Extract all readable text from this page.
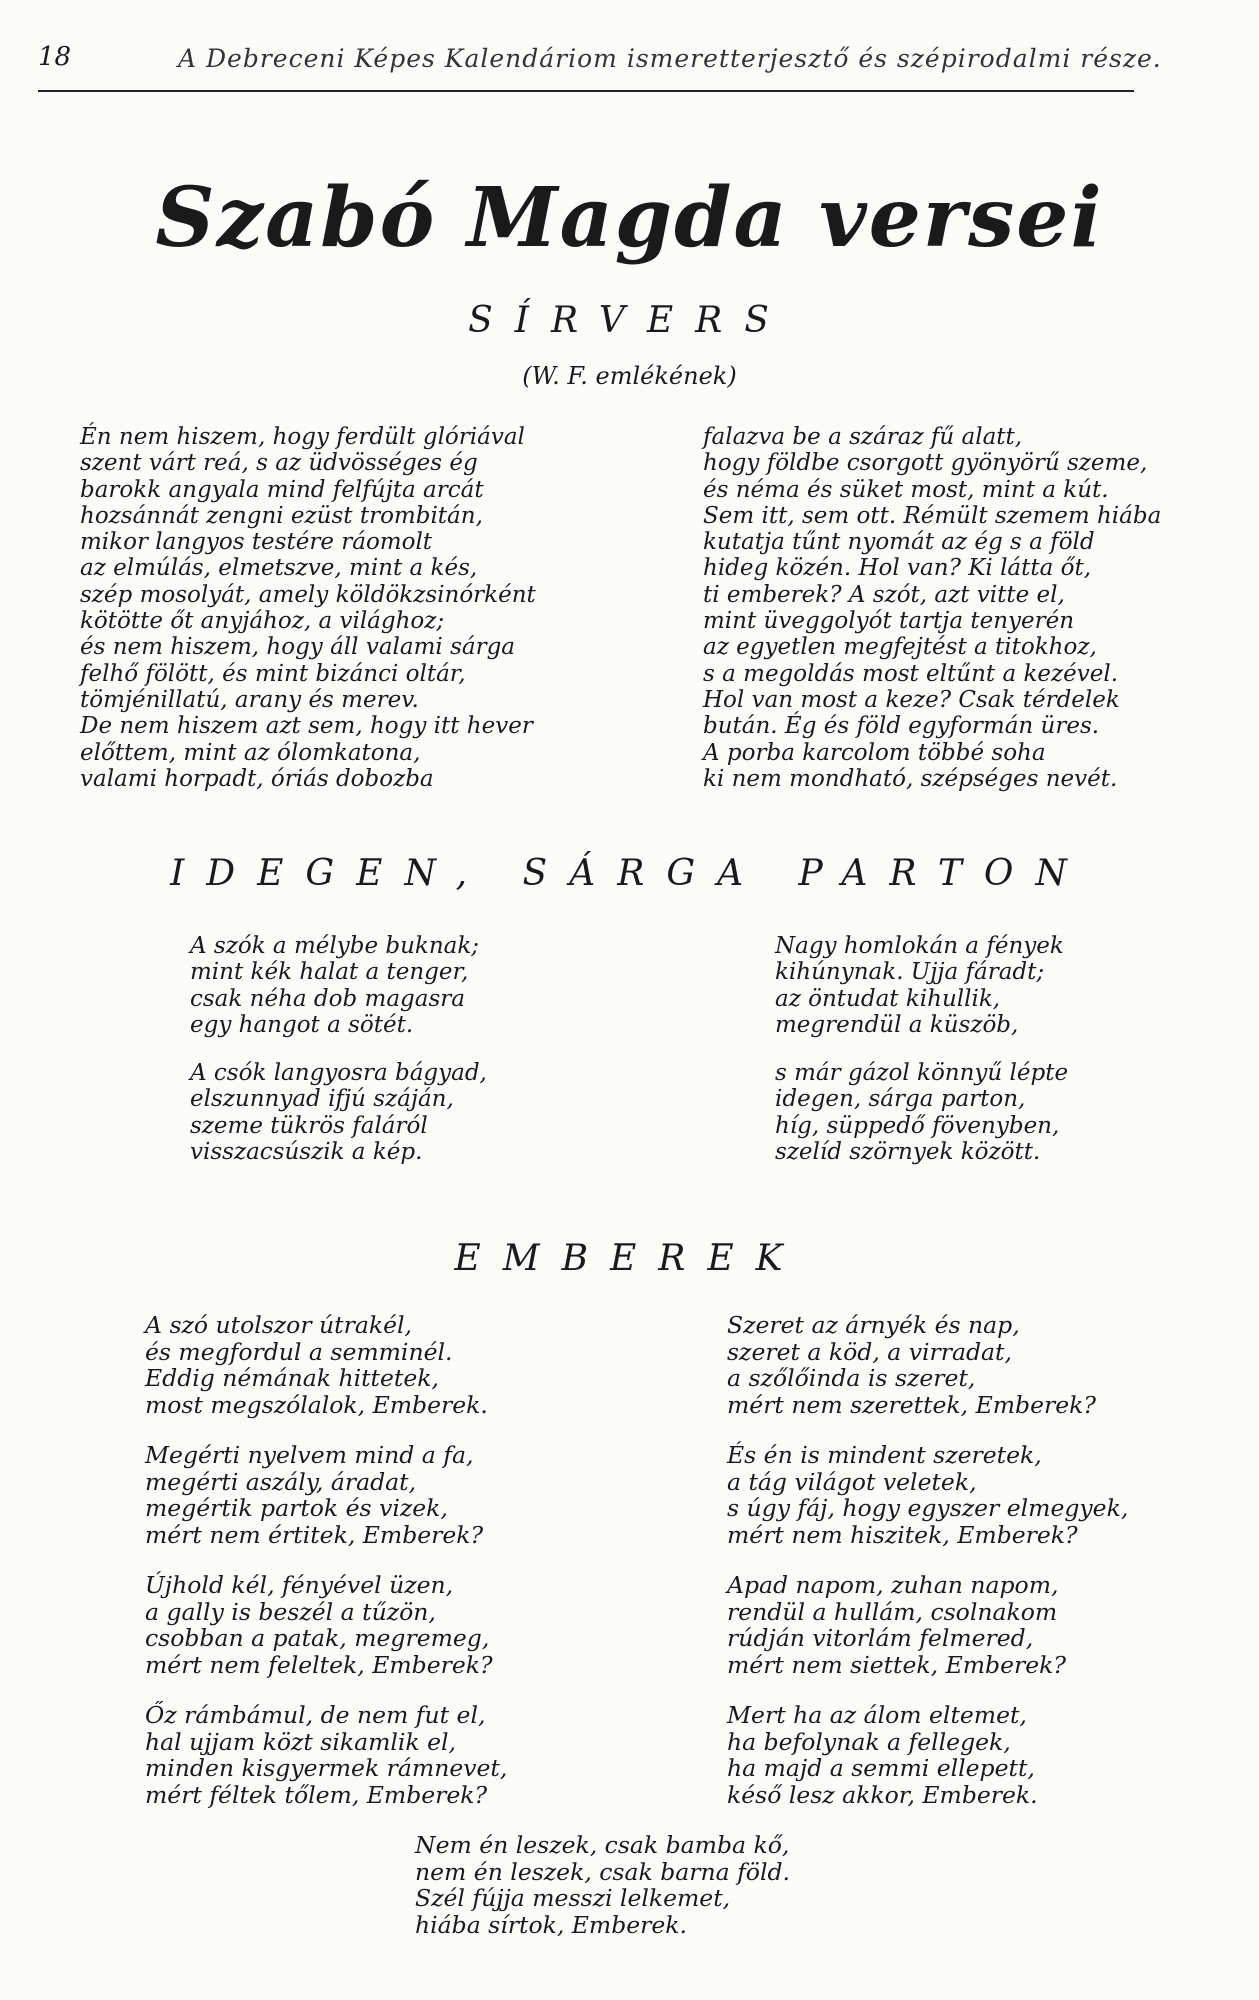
18	A Debreceni Képes Kalendáriom ismeretterjesztő és szépirodalmi része.
Szabó Magda versei
SÍRVERS
(W. F. emlékének)
Én nem hiszem, hogy ferdült glóriával
szent várt reá, s az üdvösséges ég
barokk angyala mind felfújta arcát
hozsánnát zengni ezüst trombitán,
mikor langyos testére ráomolt
az elmúlás, elmetszve, mint a kés,
szép mosolyát, amely köldökzsinórként
kötötte őt anyjához, a világhoz;
és nem hiszem, hogy áll valami sárga
felhő fölött, és mint bizánci oltár,
tömjénillatú, arany és merev.
De nem hiszem azt sem, hogy itt hever
előttem, mint az ólomkatona,
valami horpadt, óriás dobozba
falazva be a száraz fű alatt,
hogy földbe csorgott gyönyörű szeme,
és néma és süket most, mint a kút.
Sem itt, sem ott. Rémült szemem hiába
kutatja tűnt nyomát az ég s a föld
hideg közén. Hol van? Ki látta őt,
ti emberek? A szót, azt vitte el,
mint üveggolyót tartja tenyerén
az egyetlen megfejtést a titokhoz,
s a megoldás most eltűnt a kezével.
Hol van most a keze? Csak térdelek
bután. Ég és föld egyformán üres.
A porba karcolom többé soha
ki nem mondható, szépséges nevét.
IDEGEN, SÁRGA PARTON
A szók a mélybe buknak;
mint kék halat a tenger,
csak néha dob magasra
egy hangot a sötét.
A csók langyosra bágyad,
elszunnyad ifjú száján,
szeme tükrös faláról
visszacsúszik a kép.
Nagy homlokán a fények
kihúnynak. Ujja fáradt;
az öntudat kihullik,
megrendül a küszöb,
s már gázol könnyű lépte
idegen, sárga parton,
híg, süppedő fövenyben,
szelíd szörnyek között.
EMBEREK
A szó utolszor útrakél,
és megfordul a semminél.
Eddig némának hittetek,
most megszólalok, Emberek.
Megérti nyelvem mind a fa,
megérti aszály, áradat,
megértik partok és vizek,
mért nem értitek, Emberek?
Újhold kél, fényével üzen,
a gally is beszél a tűzön,
csobban a patak, megremeg,
mért nem feleltek, Emberek?
Őz rámbámul, de nem fut el,
hal ujjam közt sikamlik el,
minden kisgyermek rámnevet,
mért féltek tőlem, Emberek?
Szeret az árnyék és nap,
szeret a köd, a virradat,
a szőlőinda is szeret,
mért nem szerettek, Emberek?
És én is mindent szeretek,
a tág világot veletek,
s úgy fáj, hogy egyszer elmegyek,
mért nem hiszitek, Emberek?
Apad napom, zuhan napom,
rendül a hullám, csolnakom
rúdján vitorlám felmered,
mért nem siettek, Emberek?
Mert ha az álom eltemet,
ha befolynak a fellegek,
ha majd a semmi ellepett,
késő lesz akkor, Emberek.
Nem én leszek, csak bamba kő,
nem én leszek, csak barna föld.
Szél fújja messzi lelkemet,
hiába sírtok, Emberek.
